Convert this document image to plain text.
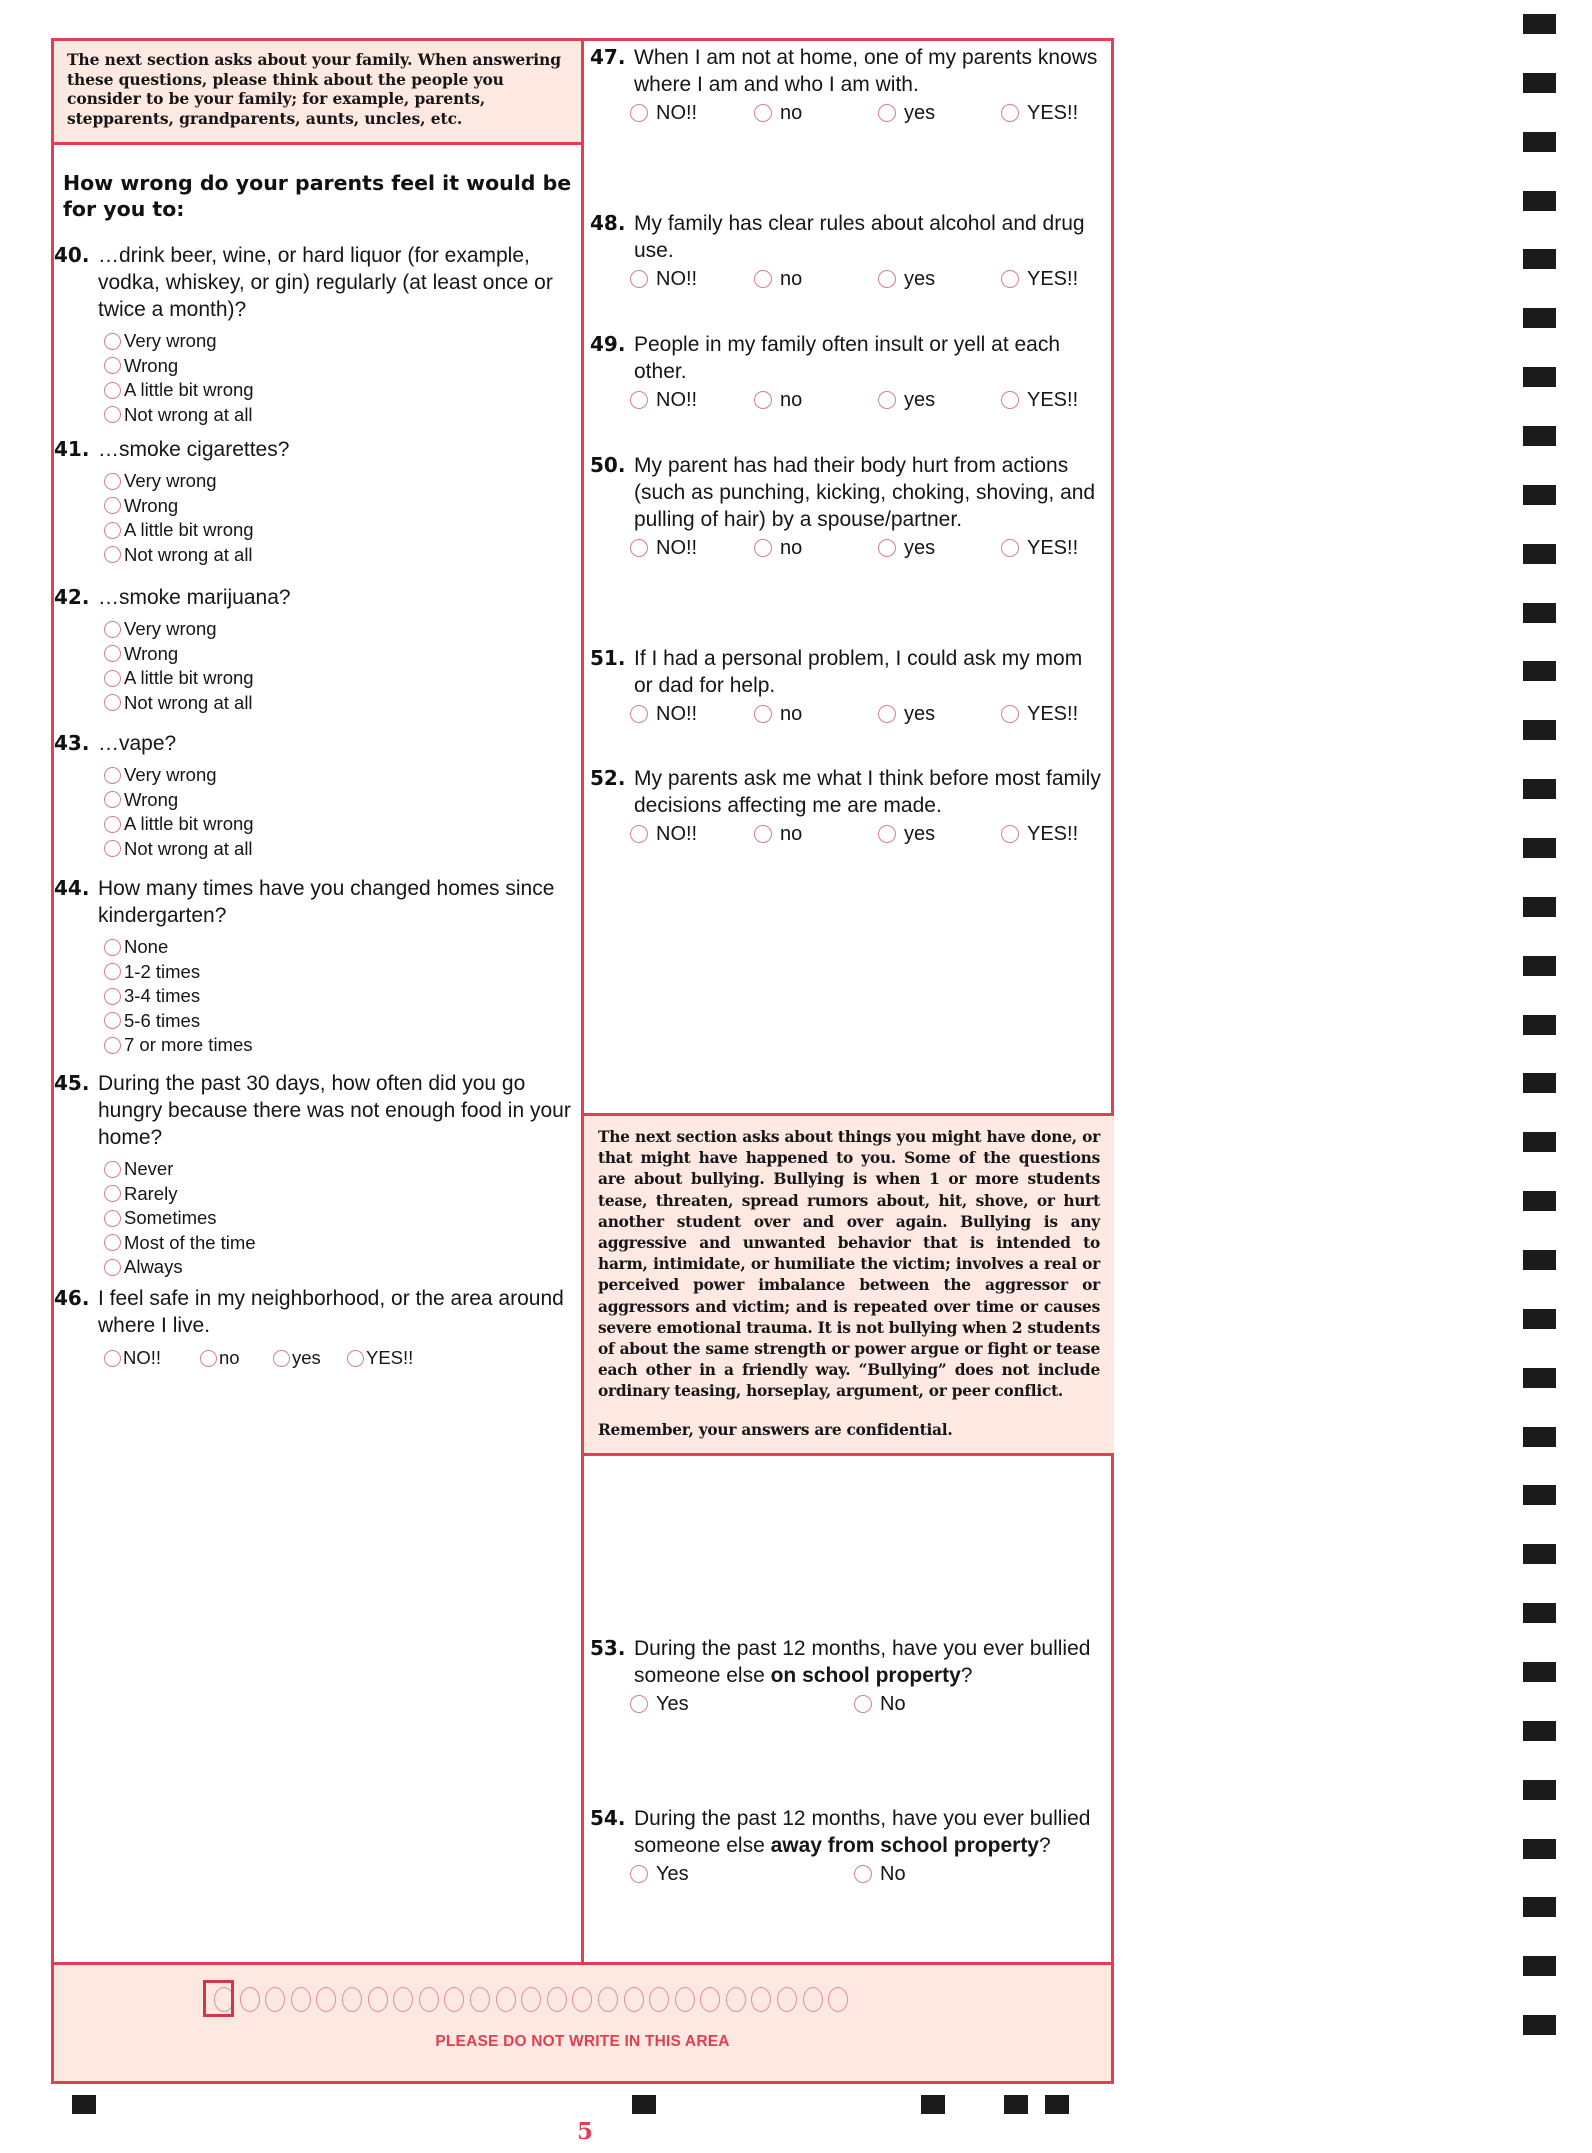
The next section asks about your family. When answering these questions, please think about the people you consider to be your family; for example, parents, stepparents, grandparents, aunts, uncles, etc.

How wrong do your parents feel it would be for you to:
40. …drink beer, wine, or hard liquor (for example, vodka, whiskey, or gin) regularly (at least once or twice a month)?
Very wrong
Wrong
A little bit wrong
Not wrong at all
41. …smoke cigarettes?
Very wrong
Wrong
A little bit wrong
Not wrong at all
42. …smoke marijuana?
Very wrong
Wrong
A little bit wrong
Not wrong at all
43. …vape?
Very wrong
Wrong
A little bit wrong
Not wrong at all
44. How many times have you changed homes since kindergarten?
None
1-2 times
3-4 times
5-6 times
7 or more times
45. During the past 30 days, how often did you go hungry because there was not enough food in your home?
Never
Rarely
Sometimes
Most of the time
Always
46. I feel safe in my neighborhood, or the area around where I live.
NO!!	no	yes YES!!
47. When I am not at home, one of my parents knows where I am and who I am with.
NO!!	no	yes	YES!!
48. My family has clear rules about alcohol and drug use.
NO!!	no	yes	YES!!
49. People in my family often insult or yell at each other.
NO!!	no	yes	YES!!
50. My parent has had their body hurt from actions (such as punching, kicking, choking, shoving, and pulling of hair) by a spouse/partner.
NO!!	no	yes	YES!!
51. If I had a personal problem, I could ask my mom or dad for help.
NO!!	no	yes	YES!!
52. My parents ask me what I think before most family decisions affecting me are made.
NO!!	no	yes	YES!!

The next section asks about things you might have done, or that might have happened to you. Some of the questions are about bullying. Bullying is when 1 or more students tease, threaten, spread rumors about, hit, shove, or hurt another student over and over again. Bullying is any aggressive and unwanted behavior that is intended to harm, intimidate, or humiliate the victim; involves a real or perceived power imbalance between the aggressor or aggressors and victim; and is repeated over time or causes severe emotional trauma. It is not bullying when 2 students of about the same strength or power argue or fight or tease each other in a friendly way. “Bullying” does not include ordinary teasing, horseplay, argument, or peer conflict.

Remember, your answers are confidential.

53. During the past 12 months, have you ever bullied someone else on school property?
Yes	No
54. During the past 12 months, have you ever bullied someone else away from school property?
Yes	No
PLEASE DO NOT WRITE IN THIS AREA
5
